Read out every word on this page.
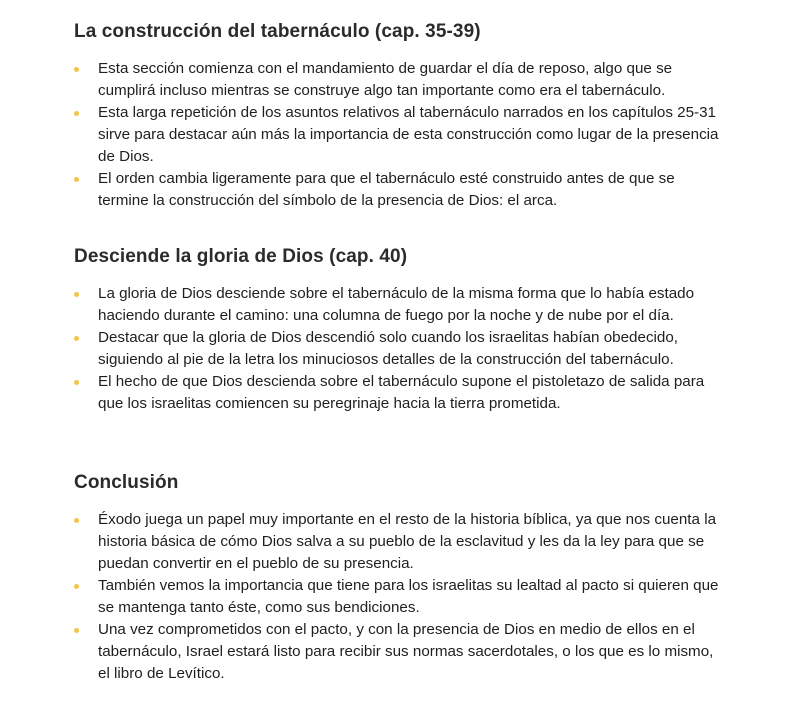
La construcción del tabernáculo (cap. 35-39)
Esta sección comienza con el mandamiento de guardar el día de reposo, algo que se cumplirá incluso mientras se construye algo tan importante como era el tabernáculo.
Esta larga repetición de los asuntos relativos al tabernáculo narrados en los capítulos 25-31 sirve para destacar aún más la importancia de esta construcción como lugar de la presencia de Dios.
El orden cambia ligeramente para que el tabernáculo esté construido antes de que se termine la construcción del símbolo de la presencia de Dios: el arca.
Desciende la gloria de Dios (cap. 40)
La gloria de Dios desciende sobre el tabernáculo de la misma forma que lo había estado haciendo durante el camino: una columna de fuego por la noche y de nube por el día.
Destacar que la gloria de Dios descendió solo cuando los israelitas habían obedecido, siguiendo al pie de la letra los minuciosos detalles de la construcción del tabernáculo.
El hecho de que Dios descienda sobre el tabernáculo supone el pistoletazo de salida para que los israelitas comiencen su peregrinaje hacia la tierra prometida.
Conclusión
Éxodo juega un papel muy importante en el resto de la historia bíblica, ya que nos cuenta la historia básica de cómo Dios salva a su pueblo de la esclavitud y les da la ley para que se puedan convertir en el pueblo de su presencia.
También vemos la importancia que tiene para los israelitas su lealtad al pacto si quieren que se mantenga tanto éste, como sus bendiciones.
Una vez comprometidos con el pacto, y con la presencia de Dios en medio de ellos en el tabernáculo, Israel estará listo para recibir sus normas sacerdotales, o los que es lo mismo, el libro de Levítico.
